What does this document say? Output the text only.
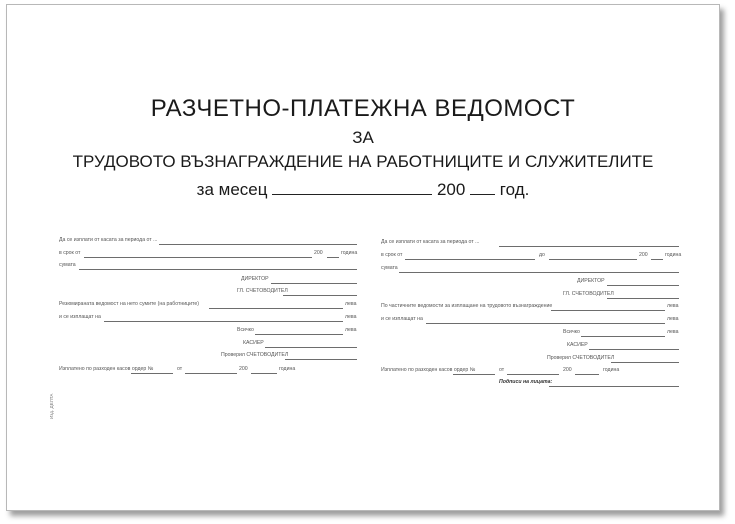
РАЗЧЕТНО-ПЛАТЕЖНА ВЕДОМОСТ
ЗА
ТРУДОВОТО ВЪЗНАГРАЖДЕНИЕ НА РАБОТНИЦИТЕ И СЛУЖИТЕЛИТЕ
за месец	200 год.
Да се изплати от касата за периода от ...
в срок от	200	година
сумата
ДИРЕКТОР
ГЛ. СЧЕТОВОДИТЕЛ
Резюмираната ведомост на нето сумите (на работниците)	лева
и се изплащат на	лева
Всичко	лева
КАСИЕР
Проверил СЧЕТОВОДИТЕЛ
Изплатено по разходен касов ордер №	от	200	година
Да се изплати от касата за периода от ...
в срок от	до	200	година
сумата
ДИРЕКТОР
ГЛ. СЧЕТОВОДИТЕЛ
По частичните ведомости за изплащане на трудовото възнаграждение	лева
и се изплащат на	лева
Всичко	лева
КАСИЕР
Проверил СЧЕТОВОДИТЕЛ
Изплатено по разходен касов ордер №	от	200	година
Подписи на лицата:
Изд. ДЕЛТА
